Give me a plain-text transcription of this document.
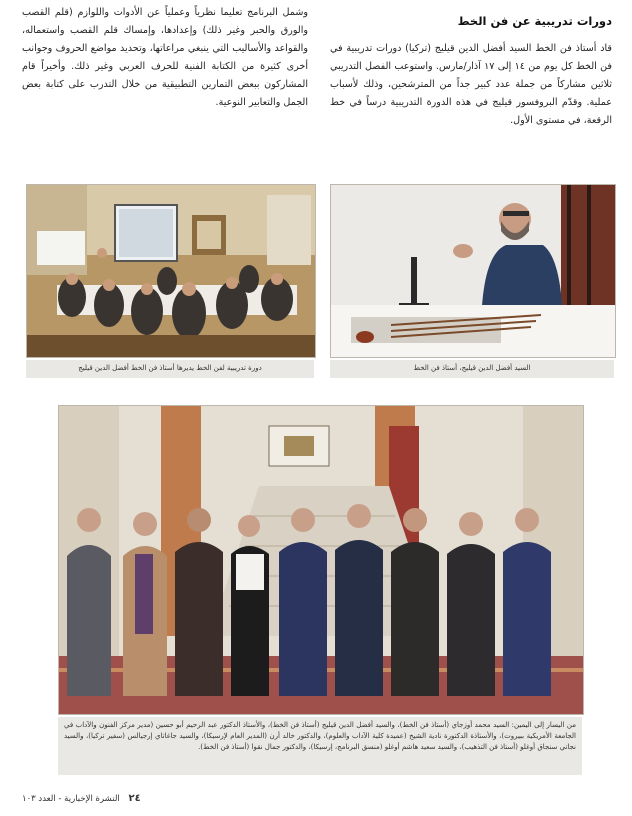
دورات تدريبية عن فن الخط

قاد أستاذ فن الخط السيد أفضل الدين قيليج (تركيا) دورات تدريبية في فن الخط كل يوم من ١٤ إلى ١٧ آذار/مارس. واستوعب الفصل التدريبي ثلاثين مشاركاً من جملة عدد كبير جداً من المترشحين، وذلك لأسباب عملية. وقدّم البروفسور قيليج في هذه الدورة التدريبية درساً في خط الرقعة، في مستوى الأول.

وشمل البرنامج تعليما نظرياً وعملياً عن الأدوات واللوازم (قلم القصب والورق والحبر وغير ذلك) وإعدادها، وإمساك قلم القصب واستعماله، والقواعد والأساليب التي ينبغي مراعاتها، وتحديد مواضع الحروف وجوانب أخرى كثيرة من الكتابة الفنية للحرف العربي وغير ذلك. وأخيراً قام المشاركون ببعض التمارين التطبيقية من خلال التدرب على كتابة بعض الجمل والتعابير النوعية.

دورة تدريبية لفن الخط يديرها أستاذ فن الخط أفضل الدين قيليج	السيد أفضل الدين قيليج، أستاذ فن الخط
من اليسار إلى اليمين: السيد محمد أوزجاي (أستاذ فن الخط)، والسيد أفضل الدين قيليج (أستاذ فن الخط)، والأستاذ الدكتور عبد الرحيم أبو حسين (مدير مركز الفنون والآداب في الجامعة الأمريكية ببيروت)، والأستاذة الدكتورة نادية الشيخ (عميدة كلية الآداب والعلوم)، والدكتور خالد أرن (المدير العام لإرسيكا)، والسيد جاغاتاي إرجيالس (سفير تركيا)، والسيد نجاتي سنجاق أوغلو (أستاذ فن التذهيب)، والسيد سعيد هاشم أوغلو (منسق البرنامج، إرسيكا)، والدكتور جمال نقوا (أستاذ فن الخط).
٢٤ النشرة الإخبارية - العدد ١٠٣
